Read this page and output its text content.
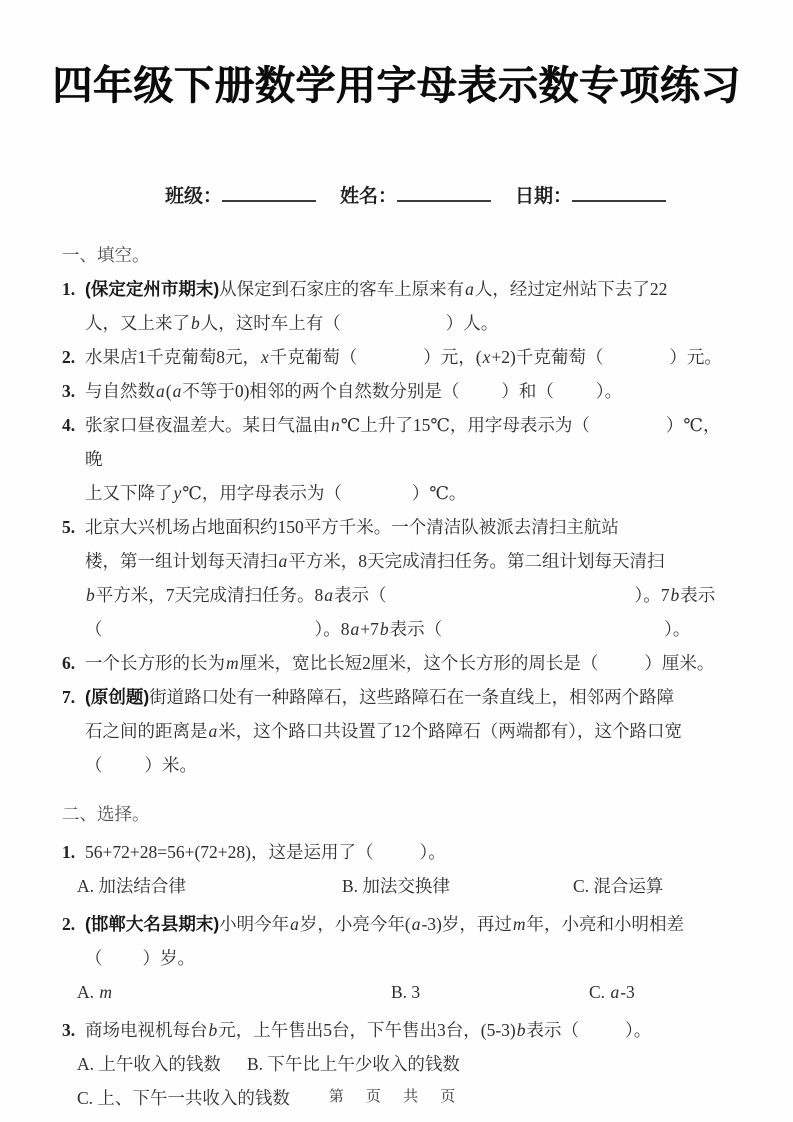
四年级下册数学用字母表示数专项练习
班级：	姓名：	日期：
一、填空。
1. (保定定州市期末)从保定到石家庄的客车上原来有a人，经过定州站下去了22
人，又上来了b人，这时车上有（	）人。
2. 水果店1千克葡萄8元，x千克葡萄（	）元，(x+2)千克葡萄（	）元。
3. 与自然数a(a不等于0)相邻的两个自然数分别是（ ）和（ ）。
4. 张家口昼夜温差大。某日气温由n℃上升了15℃，用字母表示为（	）℃，晚
上又下降了y℃，用字母表示为（	）℃。
5. 北京大兴机场占地面积约150平方千米。一个清洁队被派去清扫主航站
楼，第一组计划每天清扫a平方米，8天完成清扫任务。第二组计划每天清扫
b平方米，7天完成清扫任务。8a表示（	）。7b表示
（	）。8a+7b表示（	）。
6. 一个长方形的长为m厘米，宽比长短2厘米，这个长方形的周长是（	）厘米。
7. (原创题)街道路口处有一种路障石，这些路障石在一条直线上，相邻两个路障
石之间的距离是a米，这个路口共设置了12个路障石（两端都有），这个路口宽
（ ）米。
二、选择。
1. 56+72+28=56+(72+28)，这是运用了（	）。
A. 加法结合律	B. 加法交换律	C. 混合运算
2. (邯郸大名县期末)小明今年a岁，小亮今年(a-3)岁，再过m年，小亮和小明相差
（ ）岁。
A. m	B. 3	C. a-3
3. 商场电视机每台b元，上午售出5台，下午售出3台，(5-3)b表示（	）。
A. 上午收入的钱数	B. 下午比上午少收入的钱数
C. 上、下午一共收入的钱数	第 页 共 页
